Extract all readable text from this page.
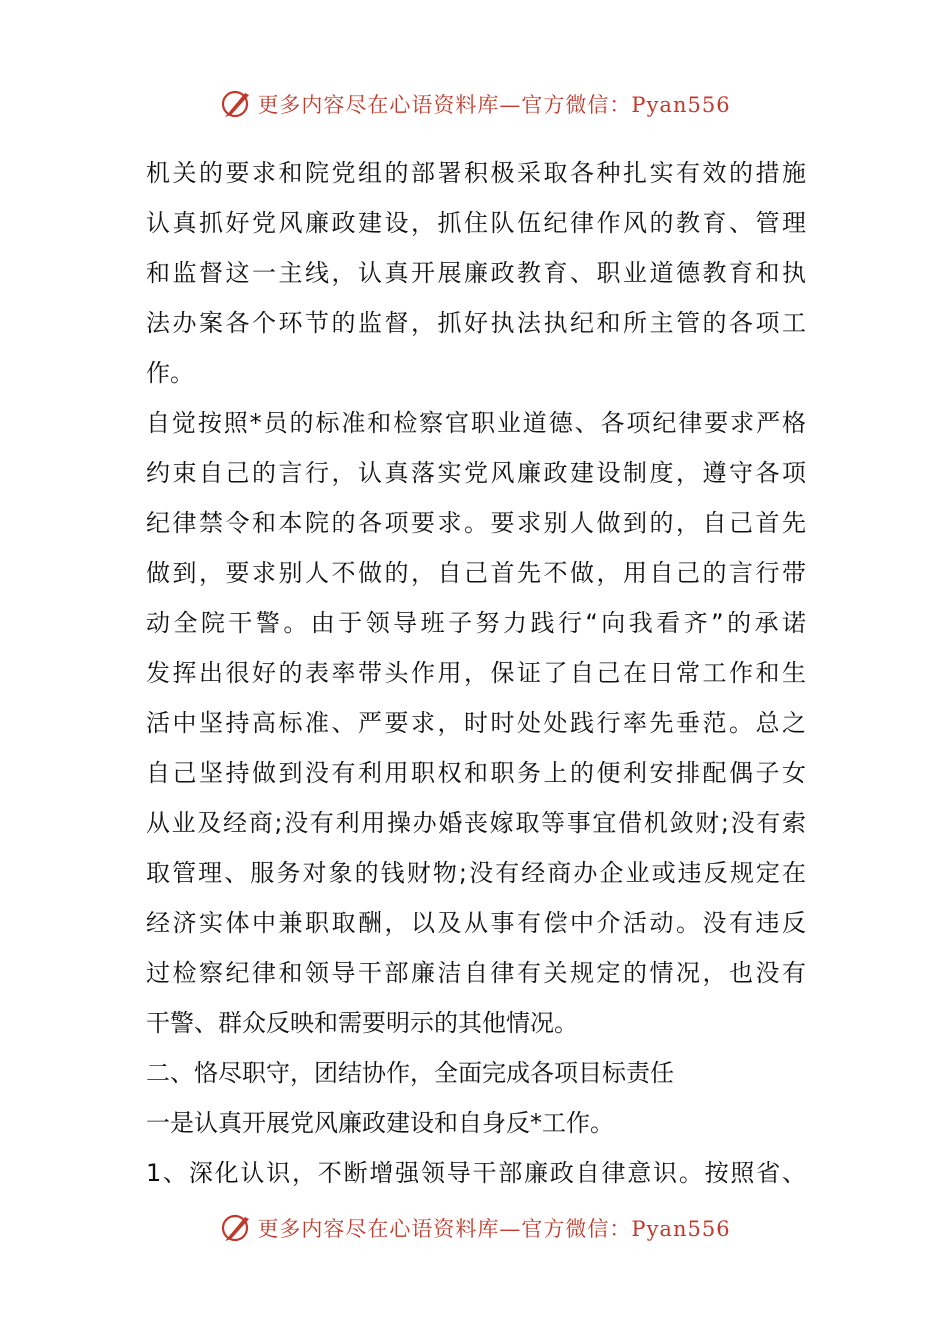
更多内容尽在心语资料库—官方微信：Pyan556
机关的要求和院党组的部署积极采取各种扎实有效的措施
认真抓好党风廉政建设，抓住队伍纪律作风的教育、管理
和监督这一主线，认真开展廉政教育、职业道德教育和执
法办案各个环节的监督，抓好执法执纪和所主管的各项工
作。
自觉按照*员的标准和检察官职业道德、各项纪律要求严格
约束自己的言行，认真落实党风廉政建设制度，遵守各项
纪律禁令和本院的各项要求。要求别人做到的，自己首先
做到，要求别人不做的，自己首先不做，用自己的言行带
动全院干警。由于领导班子努力践行“向我看齐”的承诺
发挥出很好的表率带头作用，保证了自己在日常工作和生
活中坚持高标准、严要求，时时处处践行率先垂范。总之
自己坚持做到没有利用职权和职务上的便利安排配偶子女
从业及经商;没有利用操办婚丧嫁取等事宜借机敛财;没有索
取管理、服务对象的钱财物;没有经商办企业或违反规定在
经济实体中兼职取酬，以及从事有偿中介活动。没有违反
过检察纪律和领导干部廉洁自律有关规定的情况，也没有
干警、群众反映和需要明示的其他情况。
二、恪尽职守，团结协作，全面完成各项目标责任
一是认真开展党风廉政建设和自身反*工作。
1、深化认识，不断增强领导干部廉政自律意识。按照省、
更多内容尽在心语资料库—官方微信：Pyan556
